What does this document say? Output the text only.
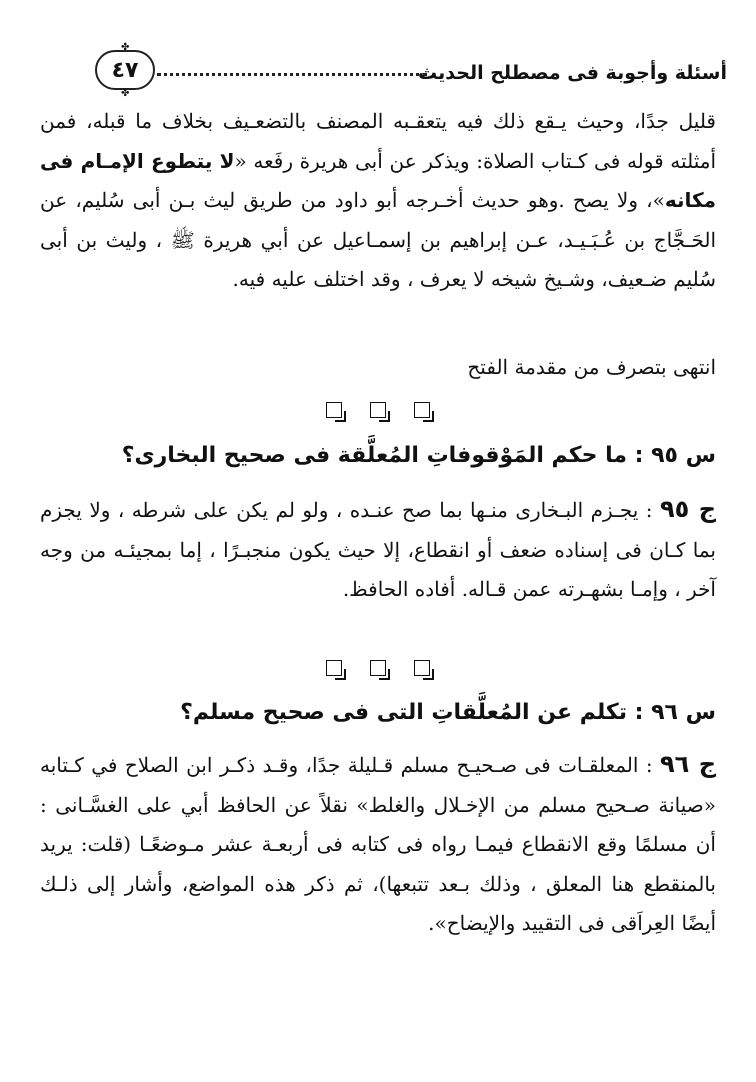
٤٧
✤
✤
أسئلة وأجوبة فى مصطلح الحديث
قليل جدًا، وحيث يـقع ذلك فيه يتعقـبه المصنف بالتضعـيف بخلاف ما قبله، فمن أمثلته قوله فى كـتاب الصلاة: ويذكر عن أبى هريرة رفَعه «لا يتطوع الإمـام فى مكانه»، ولا يصح .وهو حديث أخـرجه أبو داود من طريق ليث بـن أبى سُليم، عن الحَـجَّاج بن عُـبَـيـد، عـن إبراهيم بن إسمـاعيل عن أبي هريرة ﷺ ، وليث بن أبى سُليم ضـعيف، وشـيخ شيخه لا يعرف ، وقد اختلف عليه فيه.
انتهى بتصرف من مقدمة الفتح
س ٩٥ : ما حكم المَوْقوفاتِ المُعلَّقة فى صحيح البخارى؟
ج ٩٥ : يجـزم البـخارى منـها بما صح عنـده ، ولو لم يكن على شرطه ، ولا يجزم بما كـان فى إسناده ضعف أو انقطاع، إلا حيث يكون منجبـرًا ، إما بمجيئـه من وجه آخر ، وإمـا بشهـرته عمن قـاله. أفاده الحافظ.
س ٩٦ : تكلم عن المُعلَّقاتِ التى فى صحيح مسلم؟
ج ٩٦ : المعلقـات فى صـحيـح مسلم قـليلة جدًا، وقـد ذكـر ابن الصلاح في كـتابه «صيانة صـحيح مسلم من الإخـلال والغلط» نقلاً عن الحافظ أبي على الغسَّـانى : أن مسلمًا وقع الانقطاع فيمـا رواه فى كتابه فى أربعـة عشر مـوضعًـا (قلت: يريد بالمنقطع هنا المعلق ، وذلك بـعد تتبعها)، ثم ذكر هذه المواضع، وأشار إلى ذلـك أيضًا العِراَقى فى التقييد والإيضاح».
